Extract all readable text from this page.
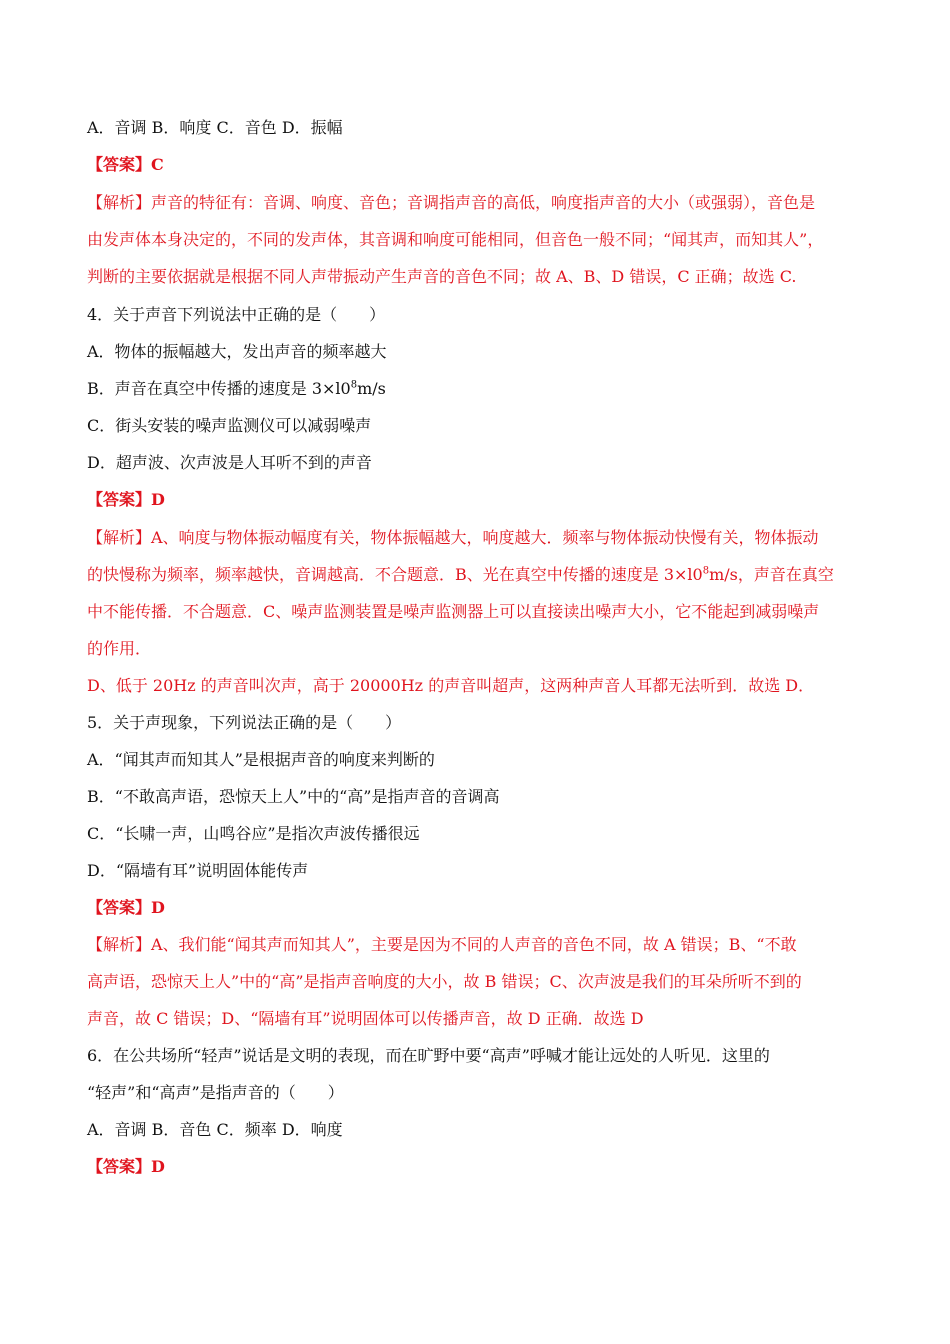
A．音调 B．响度 C．音色 D．振幅
【答案】C
【解析】声音的特征有：音调、响度、音色；音调指声音的高低，响度指声音的大小（或强弱），音色是
由发声体本身决定的，不同的发声体，其音调和响度可能相同，但音色一般不同；“闻其声，而知其人”，
判断的主要依据就是根据不同人声带振动产生声音的音色不同；故 A、B、D 错误，C 正确；故选 C.
4．关于声音下列说法中正确的是（　　）
A．物体的振幅越大，发出声音的频率越大
B．声音在真空中传播的速度是 $3\times l0^8m/s$
C．街头安装的噪声监测仪可以减弱噪声
D．超声波、次声波是人耳听不到的声音
【答案】D
【解析】A、响度与物体振动幅度有关，物体振幅越大，响度越大．频率与物体振动快慢有关，物体振动
的快慢称为频率，频率越快，音调越高．不合题意．B、光在真空中传播的速度是 $3\times l0^8m/s$，声音在真空
中不能传播．不合题意．C、噪声监测装置是噪声监测器上可以直接读出噪声大小，它不能起到减弱噪声
的作用．
D、低于 20Hz 的声音叫次声，高于 20000Hz 的声音叫超声，这两种声音人耳都无法听到．故选 D．
5．关于声现象，下列说法正确的是（　　）
A．“闻其声而知其人”是根据声音的响度来判断的
B．“不敢高声语，恐惊天上人”中的“高”是指声音的音调高
C．“长啸一声，山鸣谷应”是指次声波传播很远
D．“隔墙有耳”说明固体能传声
【答案】D
【解析】A、我们能“闻其声而知其人”，主要是因为不同的人声音的音色不同，故 A 错误；B、“不敢
高声语，恐惊天上人”中的“高”是指声音响度的大小，故 B 错误；C、次声波是我们的耳朵所听不到的
声音，故 C 错误；D、“隔墙有耳”说明固体可以传播声音，故 D 正确．故选 D
6．在公共场所“轻声”说话是文明的表现，而在旷野中要“高声”呼喊才能让远处的人听见．这里的
“轻声”和“高声”是指声音的（　　）
A．音调 B．音色 C．频率 D．响度
【答案】D
